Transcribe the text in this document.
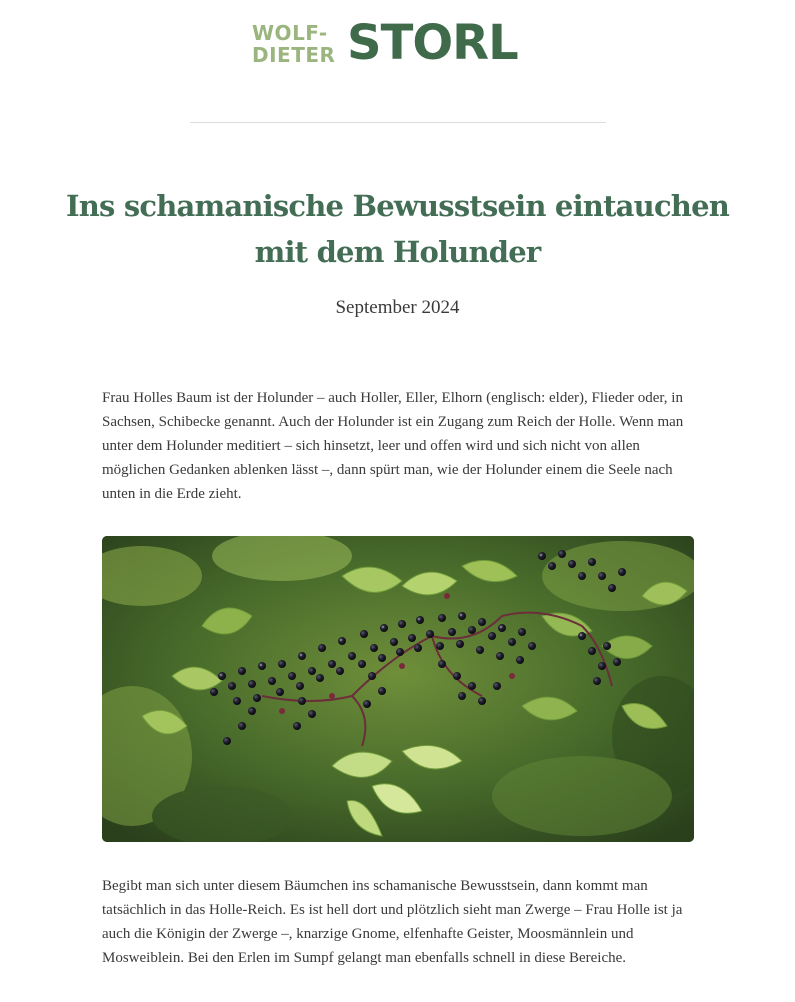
WOLF-
DIETER STORL
Ins schamanische Bewusstsein eintauchen
mit dem Holunder
September 2024

Frau Holles Baum ist der Holunder – auch Holler, Eller, Elhorn (englisch: elder), Flieder oder, in Sachsen, Schibecke genannt. Auch der Holunder ist ein Zugang zum Reich der Holle. Wenn man unter dem Holunder meditiert – sich hinsetzt, leer und offen wird und sich nicht von allen möglichen Gedanken ablenken lässt –, dann spürt man, wie der Holunder einem die Seele nach unten in die Erde zieht.

Begibt man sich unter diesem Bäumchen ins schamanische Bewusstsein, dann kommt man tatsächlich in das Holle-Reich. Es ist hell dort und plötzlich sieht man Zwerge – Frau Holle ist ja auch die Königin der Zwerge –, knarzige Gnome, elfenhafte Geister, Moosmännlein und Mosweiblein. Bei den Erlen im Sumpf gelangt man ebenfalls schnell in diese Bereiche.
